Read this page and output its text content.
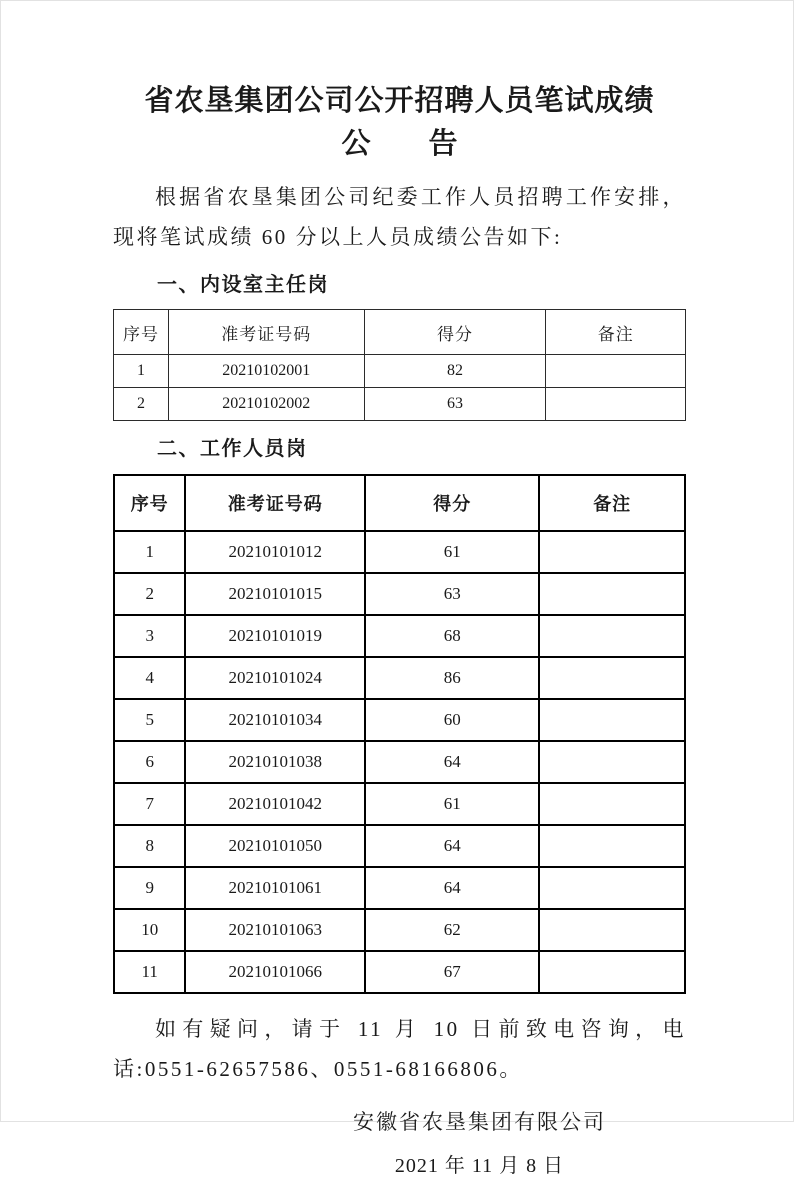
省农垦集团公司公开招聘人员笔试成绩
公　　告

根据省农垦集团公司纪委工作人员招聘工作安排，现将笔试成绩 60 分以上人员成绩公告如下:

一、内设室主任岗
序号	准考证号码	得分	备注
1	20210102001	82	
2	20210102002	63	
二、工作人员岗
序号	准考证号码	得分	备注
1	20210101012	61	
2	20210101015	63	
3	20210101019	68	
4	20210101024	86	
5	20210101034	60	
6	20210101038	64	
7	20210101042	61	
8	20210101050	64	
9	20210101061	64	
10	20210101063	62	
11	20210101066	67	

如有疑问，请于 11 月 10 日前致电咨询，电话:0551-62657586、0551-68166806。

安徽省农垦集团有限公司
2021 年 11 月 8 日
